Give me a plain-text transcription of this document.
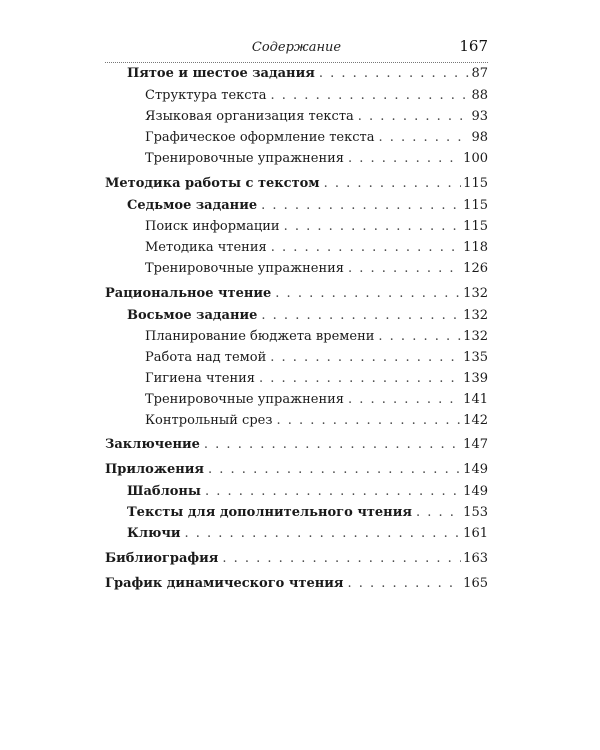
Содержание	167
Пятое и шестое задания . . .	87
Структура текста . . .	88
Языковая организация текста . . .	93
Графическое оформление текста . . .	98
Тренировочные упражнения . . .	100
Методика работы с текстом . . .	115
Седьмое задание . . .	115
Поиск информации . . .	115
Методика чтения . . .	118
Тренировочные упражнения . . .	126
Рациональное чтение . . .	132
Восьмое задание . . .	132
Планирование бюджета времени . . .	132
Работа над темой . . .	135
Гигиена чтения . . .	139
Тренировочные упражнения . . .	141
Контрольный срез . . .	142
Заключение . . .	147
Приложения . . .	149
Шаблоны . . .	149
Тексты для дополнительного чтения . . .	153
Ключи . . .	161
Библиография . . .	163
График динамического чтения . . .	165
